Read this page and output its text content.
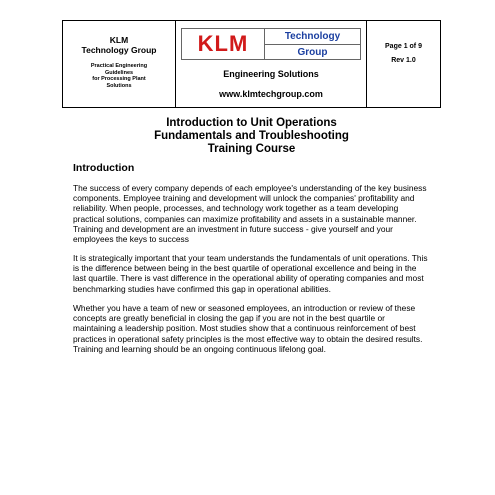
KLM
Technology Group
Practical Engineering
Guidelines
for Processing Plant
Solutions
KLM	Technology
Group
Engineering Solutions
www.klmtechgroup.com
Page 1 of 9
Rev 1.0
Introduction to Unit Operations
Fundamentals and Troubleshooting
Training Course
Introduction
The success of every company depends of each employee's understanding of the key business components. Employee training and development will unlock the companies' profitability and reliability. When people, processes, and technology work together as a team developing practical solutions, companies can maximize profitability and assets in a sustainable manner. Training and development are an investment in future success - give yourself and your employees the keys to success
It is strategically important that your team understands the fundamentals of unit operations. This is the difference between being in the best quartile of operational excellence and being in the last quartile. There is vast difference in the operational ability of operating companies and most benchmarking studies have confirmed this gap in operational abilities.
Whether you have a team of new or seasoned employees, an introduction or review of these concepts are greatly beneficial in closing the gap if you are not in the best quartile or maintaining a leadership position. Most studies show that a continuous reinforcement of best practices in operational safety principles is the most effective way to obtain the desired results. Training and learning should be an ongoing continuous lifelong goal.
